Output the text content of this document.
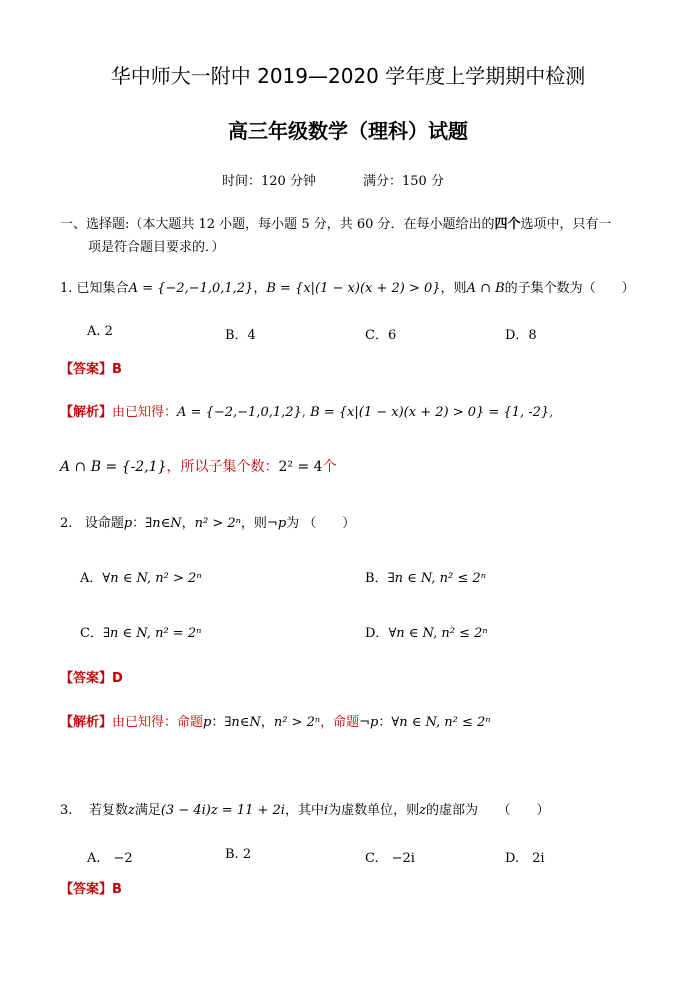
华中师大一附中 2019—2020 学年度上学期期中检测
高三年级数学（理科）试题
时间：120 分钟	满分：150 分
一、选择题:（本大题共 12 小题，每小题 5 分，共 60 分．在每小题给出的四个选项中，只有一
项是符合题目要求的．）
1. 已知集合A = {−2,−1,0,1,2}，B = {x|(1 − x)(x + 2) > 0}，则A ∩ B的子集个数为（　　）
A. 2	B．4	C．6	D．8
【答案】B
【解析】由已知得：A = {−2,−1,0,1,2}, B = {x|(1 − x)(x + 2) > 0} = {1, -2},
A ∩ B = {-2,1}，所以子集个数：2² = 4个
2. 设命题p：∃n∈N，n² > 2ⁿ，则¬p为 （　　）
A．∀n ∈ N, n² > 2ⁿ	B．∃n ∈ N, n² ≤ 2ⁿ
C．∃n ∈ N, n² = 2ⁿ	D．∀n ∈ N, n² ≤ 2ⁿ
【答案】D
【解析】由已知得：命题p：∃n∈N，n² > 2ⁿ，命题¬p：∀n ∈ N, n² ≤ 2ⁿ
3. 若复数z满足(3 − 4i)z = 11 + 2i，其中i为虚数单位，则z的虚部为　　（　　）
A.　−2	B. 2	C.　−2i	D.　2i
【答案】B
